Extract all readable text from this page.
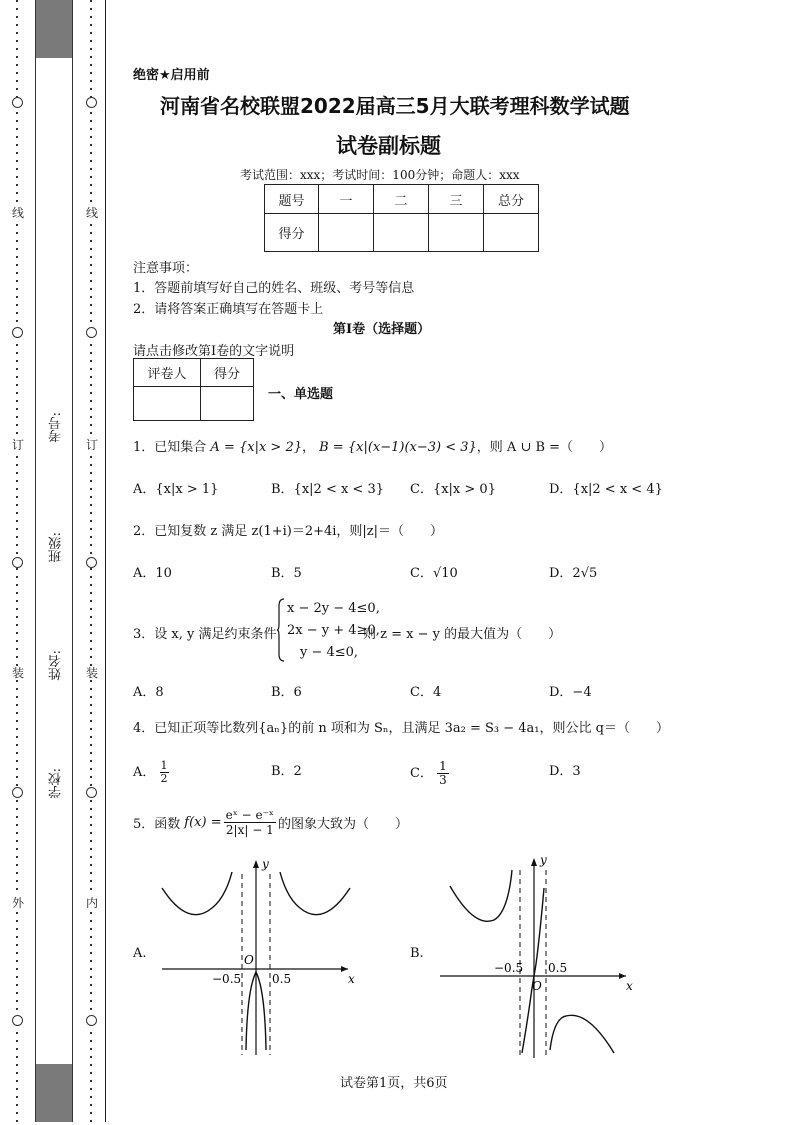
线
订
装
外
考号:
班级:
姓名:
学校:
线
订
装
内
绝密★启用前
河南省名校联盟2022届高三5月大联考理科数学试题
试卷副标题
考试范围：xxx；考试时间：100分钟；命题人：xxx
题号	一	二	三	总分
得分				
注意事项：
1．答题前填写好自己的姓名、班级、考号等信息
2．请将答案正确填写在答题卡上
第I卷（选择题）
请点击修改第I卷的文字说明
评卷人	得分

一、单选题
1．已知集合 A = {x|x > 2}， B = {x|(x−1)(x−3) < 3}，则 A ∪ B =（　　）
A．{x|x > 1}	B．{x|2 < x < 3} C．{x|x > 0}	D．{x|2 < x < 4}
2．已知复数 z 满足 z(1+i)＝2+4i，则|z|＝（　　）
A．10	B．5	C．√10	D．2√5
3．设 x, y 满足约束条件
x − 2y − 4≤0,
2x − y + 4≥0,
y − 4≤0,
则 z = x − y 的最大值为（　　）
A．8	B．6	C．4	D．−4
4．已知正项等比数列{aₙ}的前 n 项和为 Sₙ，且满足 3a₂ = S₃ − 4a₁，则公比 q＝（　　）
A． $\frac{1}{2}$	B．2	C． $\frac{1}{3}$	D．3
5．函数 $f(x) = \frac{\text{eˣ − e⁻ˣ}}{2|x| - 1}$ 的图象大致为（　　）
A.
−0.5	0.5
O
x
y
B.
−0.5 0.5
O	x
y
试卷第1页，共6页
